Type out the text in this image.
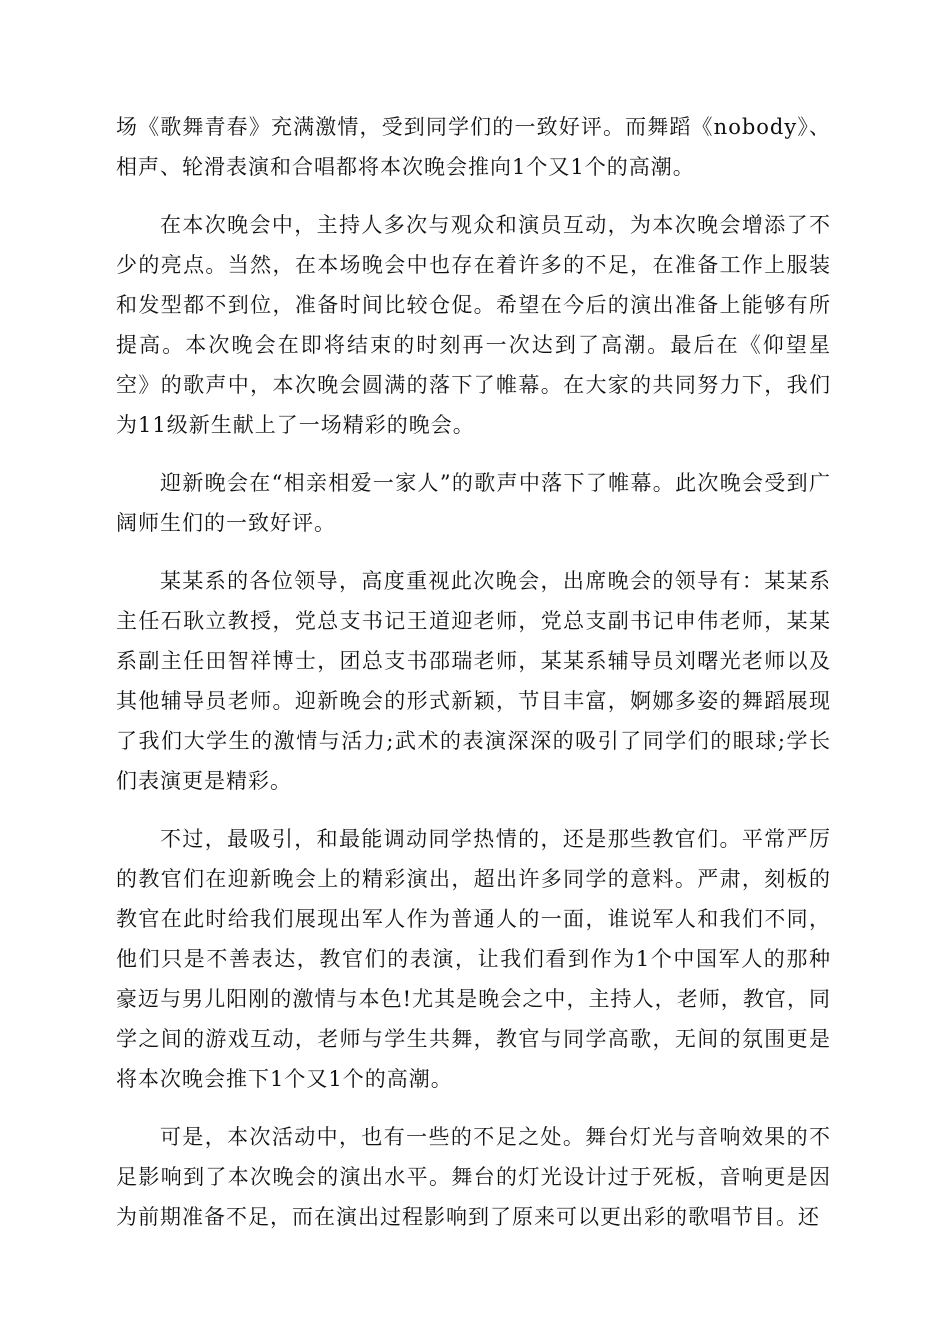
场《歌舞青春》充满激情，受到同学们的一致好评。而舞蹈《nobody》、相声、轮滑表演和合唱都将本次晚会推向1个又1个的高潮。

在本次晚会中，主持人多次与观众和演员互动，为本次晚会增添了不少的亮点。当然，在本场晚会中也存在着许多的不足，在准备工作上服装和发型都不到位，准备时间比较仓促。希望在今后的演出准备上能够有所提高。本次晚会在即将结束的时刻再一次达到了高潮。最后在《仰望星空》的歌声中，本次晚会圆满的落下了帷幕。在大家的共同努力下，我们为11级新生献上了一场精彩的晚会。

迎新晚会在“相亲相爱一家人”的歌声中落下了帷幕。此次晚会受到广阔师生们的一致好评。

某某系的各位领导，高度重视此次晚会，出席晚会的领导有：某某系主任石耿立教授，党总支书记王道迎老师，党总支副书记申伟老师，某某系副主任田智祥博士，团总支书邵瑞老师，某某系辅导员刘曙光老师以及其他辅导员老师。迎新晚会的形式新颖，节目丰富，婀娜多姿的舞蹈展现了我们大学生的激情与活力;武术的表演深深的吸引了同学们的眼球;学长们表演更是精彩。

不过，最吸引，和最能调动同学热情的，还是那些教官们。平常严厉的教官们在迎新晚会上的精彩演出，超出许多同学的意料。严肃，刻板的教官在此时给我们展现出军人作为普通人的一面，谁说军人和我们不同，他们只是不善表达，教官们的表演，让我们看到作为1个中国军人的那种豪迈与男儿阳刚的激情与本色!尤其是晚会之中，主持人，老师，教官，同学之间的游戏互动，老师与学生共舞，教官与同学高歌，无间的氛围更是将本次晚会推下1个又1个的高潮。

可是，本次活动中，也有一些的不足之处。舞台灯光与音响效果的不足影响到了本次晚会的演出水平。舞台的灯光设计过于死板，音响更是因为前期准备不足，而在演出过程影响到了原来可以更出彩的歌唱节目。还
